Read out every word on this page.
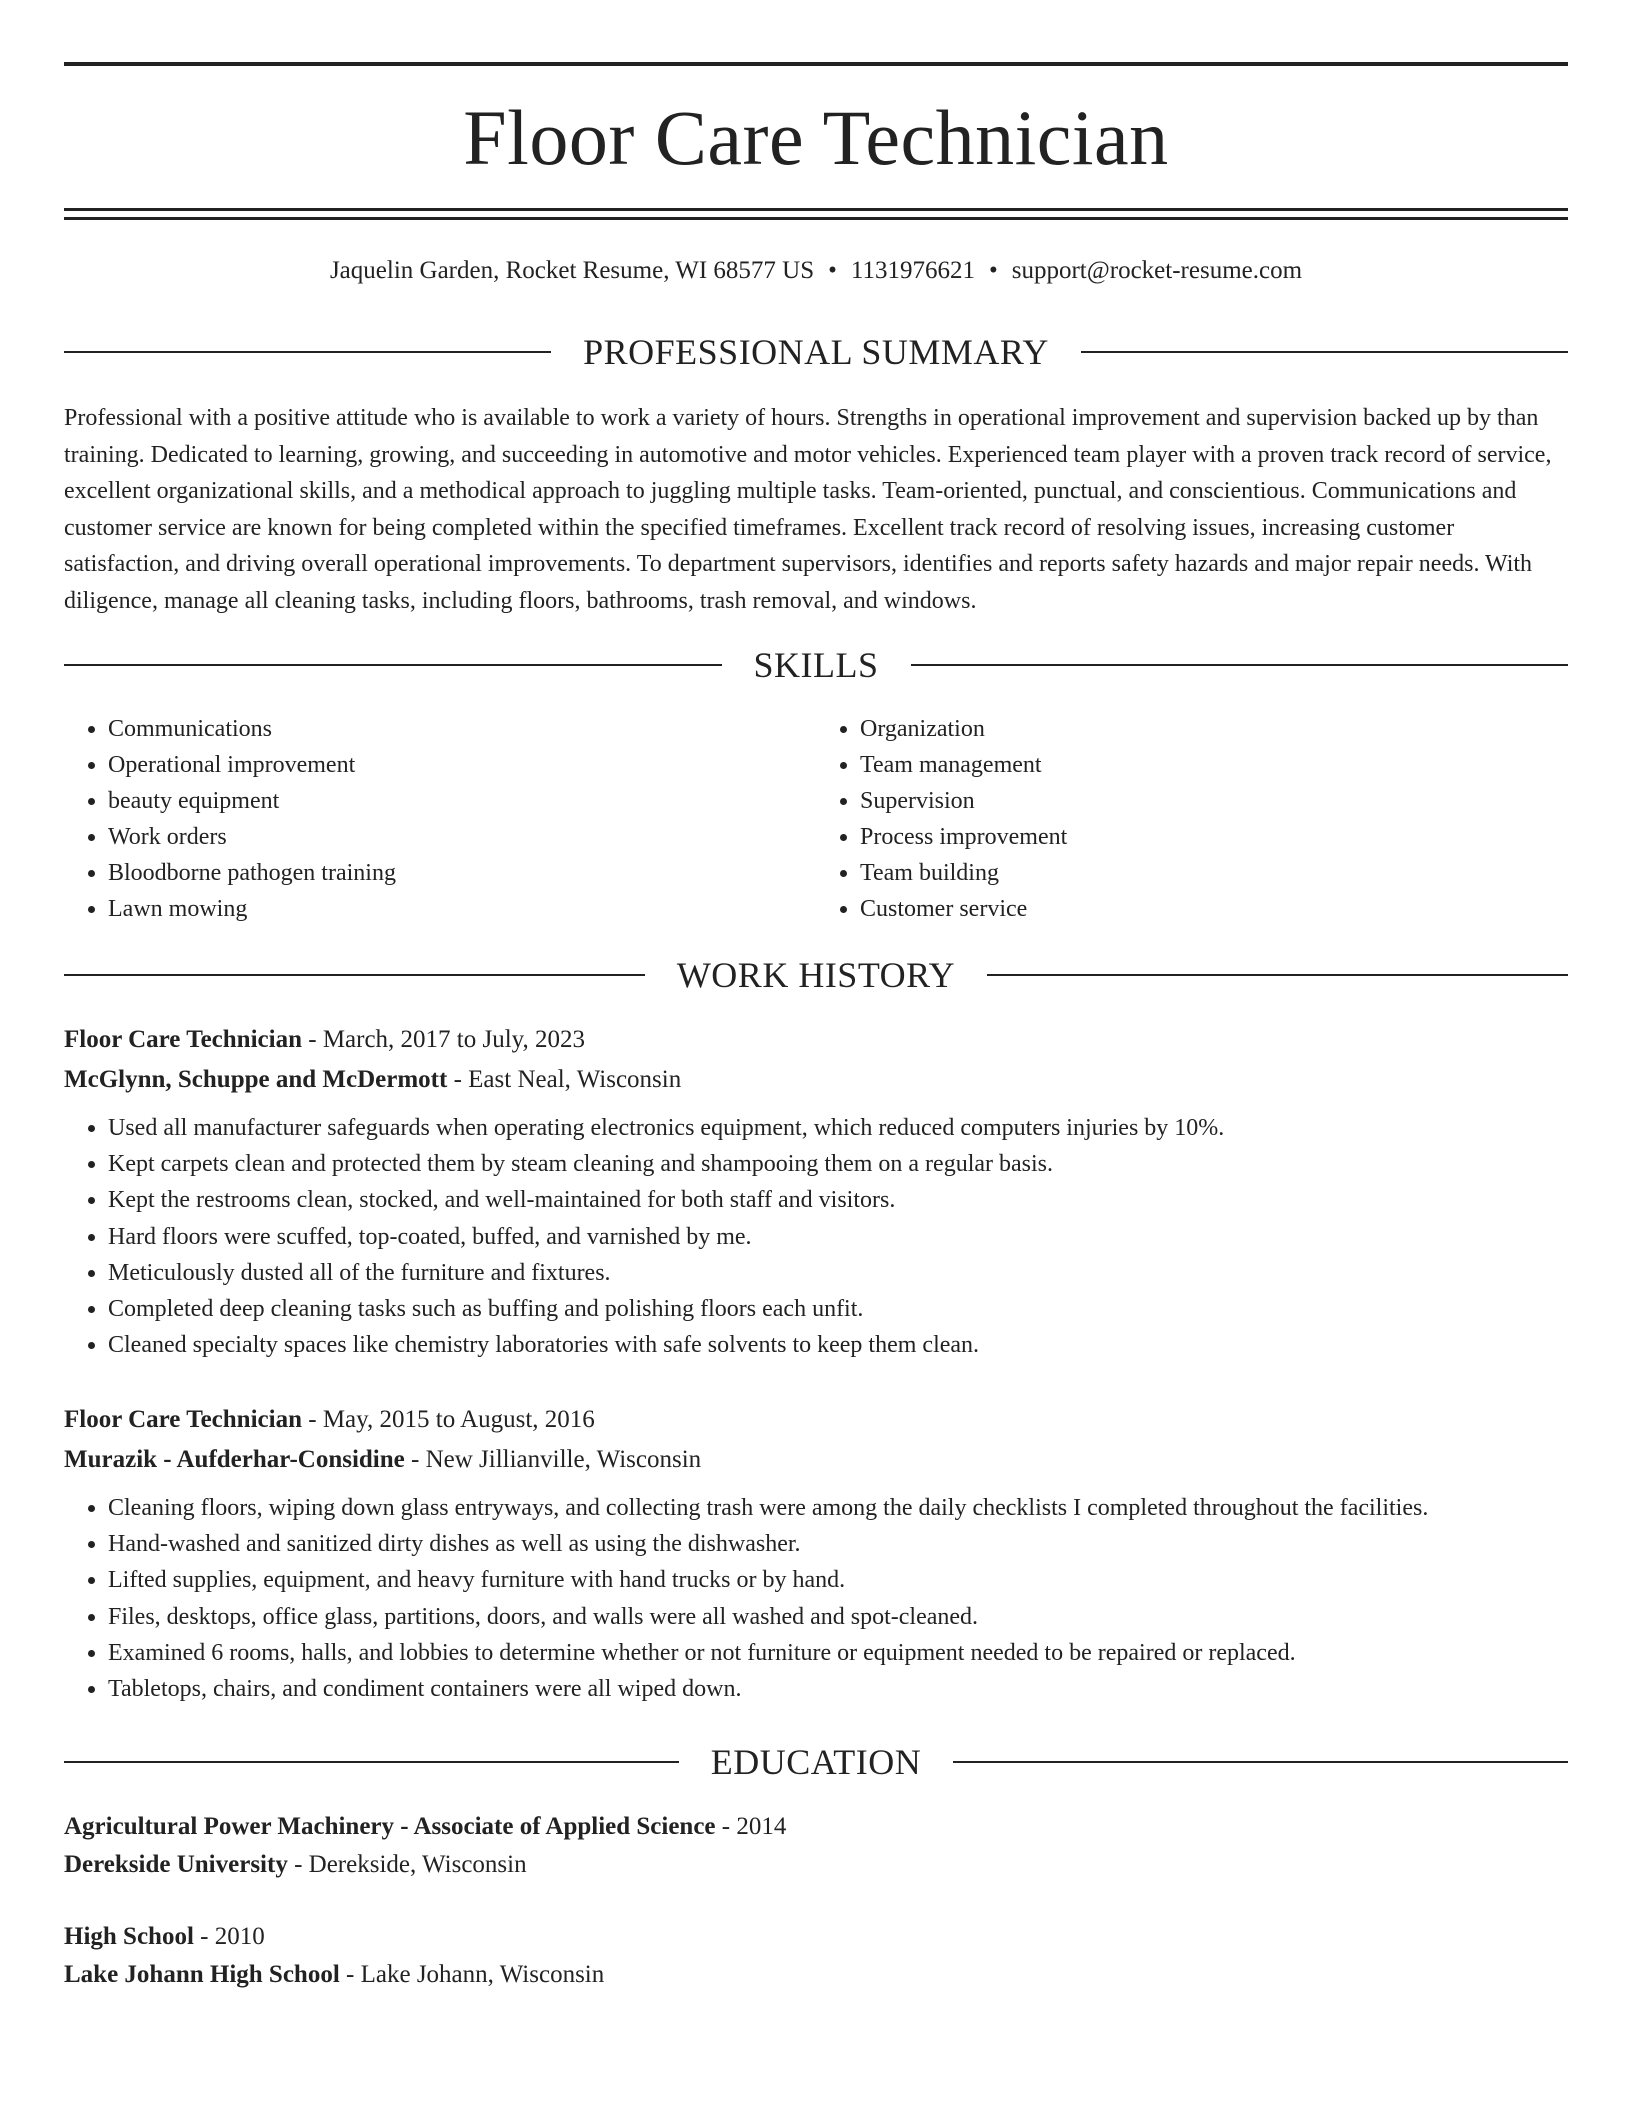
Floor Care Technician
Jaquelin Garden, Rocket Resume, WI 68577 US • 1131976621 • support@rocket-resume.com
PROFESSIONAL SUMMARY

Professional with a positive attitude who is available to work a variety of hours. Strengths in operational improvement and supervision backed up by than training. Dedicated to learning, growing, and succeeding in automotive and motor vehicles. Experienced team player with a proven track record of service, excellent organizational skills, and a methodical approach to juggling multiple tasks. Team-oriented, punctual, and conscientious. Communications and customer service are known for being completed within the specified timeframes. Excellent track record of resolving issues, increasing customer satisfaction, and driving overall operational improvements. To department supervisors, identifies and reports safety hazards and major repair needs. With diligence, manage all cleaning tasks, including floors, bathrooms, trash removal, and windows.

SKILLS
• Communications
• Operational improvement
• beauty equipment
• Work orders
• Bloodborne pathogen training
• Lawn mowing
• Organization
• Team management
• Supervision
• Process improvement
• Team building
• Customer service
WORK HISTORY
Floor Care Technician - March, 2017 to July, 2023
McGlynn, Schuppe and McDermott - East Neal, Wisconsin
• Used all manufacturer safeguards when operating electronics equipment, which reduced computers injuries by 10%.
• Kept carpets clean and protected them by steam cleaning and shampooing them on a regular basis.
• Kept the restrooms clean, stocked, and well-maintained for both staff and visitors.
• Hard floors were scuffed, top-coated, buffed, and varnished by me.
• Meticulously dusted all of the furniture and fixtures.
• Completed deep cleaning tasks such as buffing and polishing floors each unfit.
• Cleaned specialty spaces like chemistry laboratories with safe solvents to keep them clean.
Floor Care Technician - May, 2015 to August, 2016
Murazik - Aufderhar-Considine - New Jillianville, Wisconsin
• Cleaning floors, wiping down glass entryways, and collecting trash were among the daily checklists I completed throughout the facilities.
• Hand-washed and sanitized dirty dishes as well as using the dishwasher.
• Lifted supplies, equipment, and heavy furniture with hand trucks or by hand.
• Files, desktops, office glass, partitions, doors, and walls were all washed and spot-cleaned.
• Examined 6 rooms, halls, and lobbies to determine whether or not furniture or equipment needed to be repaired or replaced.
• Tabletops, chairs, and condiment containers were all wiped down.
EDUCATION
Agricultural Power Machinery - Associate of Applied Science - 2014
Derekside University - Derekside, Wisconsin
High School - 2010
Lake Johann High School - Lake Johann, Wisconsin
